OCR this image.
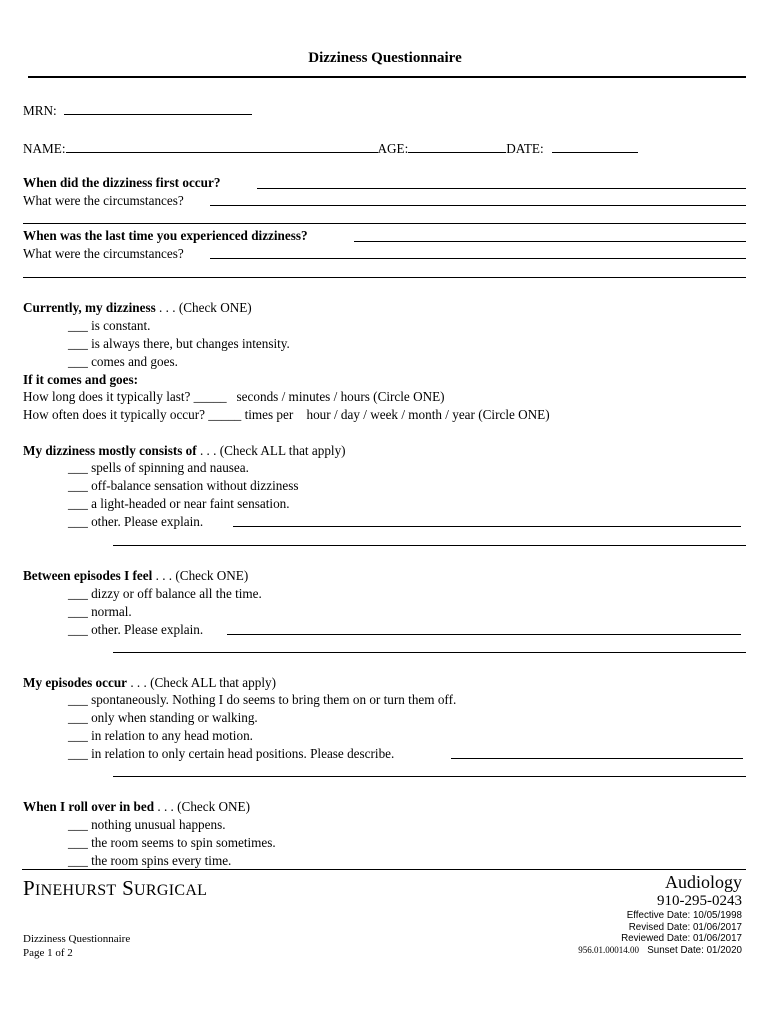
Dizziness Questionnaire
MRN:
NAME:	AGE:	DATE:
When did the dizziness first occur?
What were the circumstances?
When was the last time you experienced dizziness?
What were the circumstances?
Currently, my dizziness . . . (Check ONE)
___ is constant.
___ is always there, but changes intensity.
___ comes and goes.
If it comes and goes:
How long does it typically last? _____ seconds / minutes / hours (Circle ONE)
How often does it typically occur? _____ times per hour / day / week / month / year (Circle ONE)
My dizziness mostly consists of . . . (Check ALL that apply)
___ spells of spinning and nausea.
___ off-balance sensation without dizziness
___ a light-headed or near faint sensation.
___ other. Please explain.
Between episodes I feel . . . (Check ONE)
___ dizzy or off balance all the time.
___ normal.
___ other. Please explain.
My episodes occur . . . (Check ALL that apply)
___ spontaneously. Nothing I do seems to bring them on or turn them off.
___ only when standing or walking.
___ in relation to any head motion.
___ in relation to only certain head positions. Please describe.
When I roll over in bed . . . (Check ONE)
___ nothing unusual happens.
___ the room seems to spin sometimes.
___ the room spins every time.
PINEHURST SURGICAL	Audiology
910-295-0243
Effective Date: 10/05/1998
Revised Date: 01/06/2017
Reviewed Date: 01/06/2017
956.01.00014.00 Sunset Date: 01/2020
Dizziness Questionnaire
Page 1 of 2
